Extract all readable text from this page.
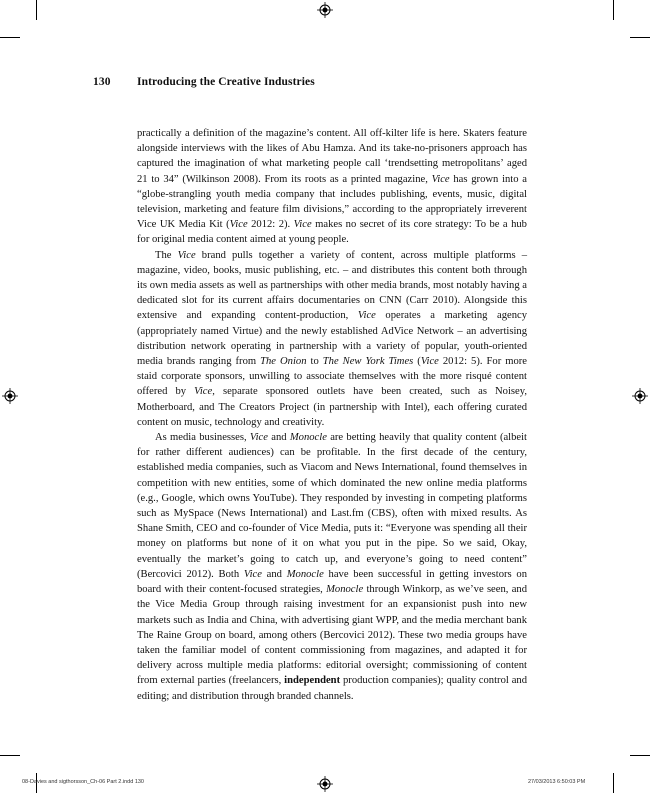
130 Introducing the Creative Industries

practically a definition of the magazine’s content. All off-kilter life is here. Skaters feature alongside interviews with the likes of Abu Hamza. And its take-no-prisoners approach has captured the imagination of what marketing people call ‘trendsetting metropolitans’ aged 21 to 34” (Wilkinson 2008). From its roots as a printed magazine, Vice has grown into a “globe-strangling youth media company that includes publishing, events, music, digital television, marketing and feature film divisions,” according to the appropriately irreverent Vice UK Media Kit (Vice 2012: 2). Vice makes no secret of its core strategy: To be a hub for original media content aimed at young people.

The Vice brand pulls together a variety of content, across multiple platforms – magazine, video, books, music publishing, etc. – and distributes this content both through its own media assets as well as partnerships with other media brands, most notably having a dedicated slot for its current affairs documentaries on CNN (Carr 2010). Alongside this extensive and expanding content-production, Vice operates a marketing agency (appropriately named Virtue) and the newly established AdVice Network – an advertising distribution network operating in partnership with a variety of popular, youth-oriented media brands ranging from The Onion to The New York Times (Vice 2012: 5). For more staid corporate sponsors, unwilling to associate themselves with the more risqué content offered by Vice, separate sponsored outlets have been created, such as Noisey, Motherboard, and The Creators Project (in partnership with Intel), each offering curated content on music, technology and creativity.

As media businesses, Vice and Monocle are betting heavily that quality content (albeit for rather different audiences) can be profitable. In the first decade of the century, established media companies, such as Viacom and News International, found themselves in competition with new entities, some of which dominated the new online media platforms (e.g., Google, which owns YouTube). They responded by investing in competing platforms such as MySpace (News International) and Last.fm (CBS), often with mixed results. As Shane Smith, CEO and co-founder of Vice Media, puts it: “Everyone was spending all their money on platforms but none of it on what you put in the pipe. So we said, Okay, eventually the market’s going to catch up, and everyone’s going to need content” (Bercovici 2012). Both Vice and Monocle have been successful in getting investors on board with their content-focused strategies, Monocle through Winkorp, as we’ve seen, and the Vice Media Group through raising investment for an expansionist push into new markets such as India and China, with advertising giant WPP, and the media merchant bank The Raine Group on board, among others (Bercovici 2012). These two media groups have taken the familiar model of content commissioning from magazines, and adapted it for delivery across multiple media platforms: editorial oversight; commissioning of content from external parties (freelancers, independent production companies); quality control and editing; and distribution through branded channels.

08-Davies and sigthorsson_Ch-06 Part 2.indd 130	27/03/2013 6:50:03 PM
